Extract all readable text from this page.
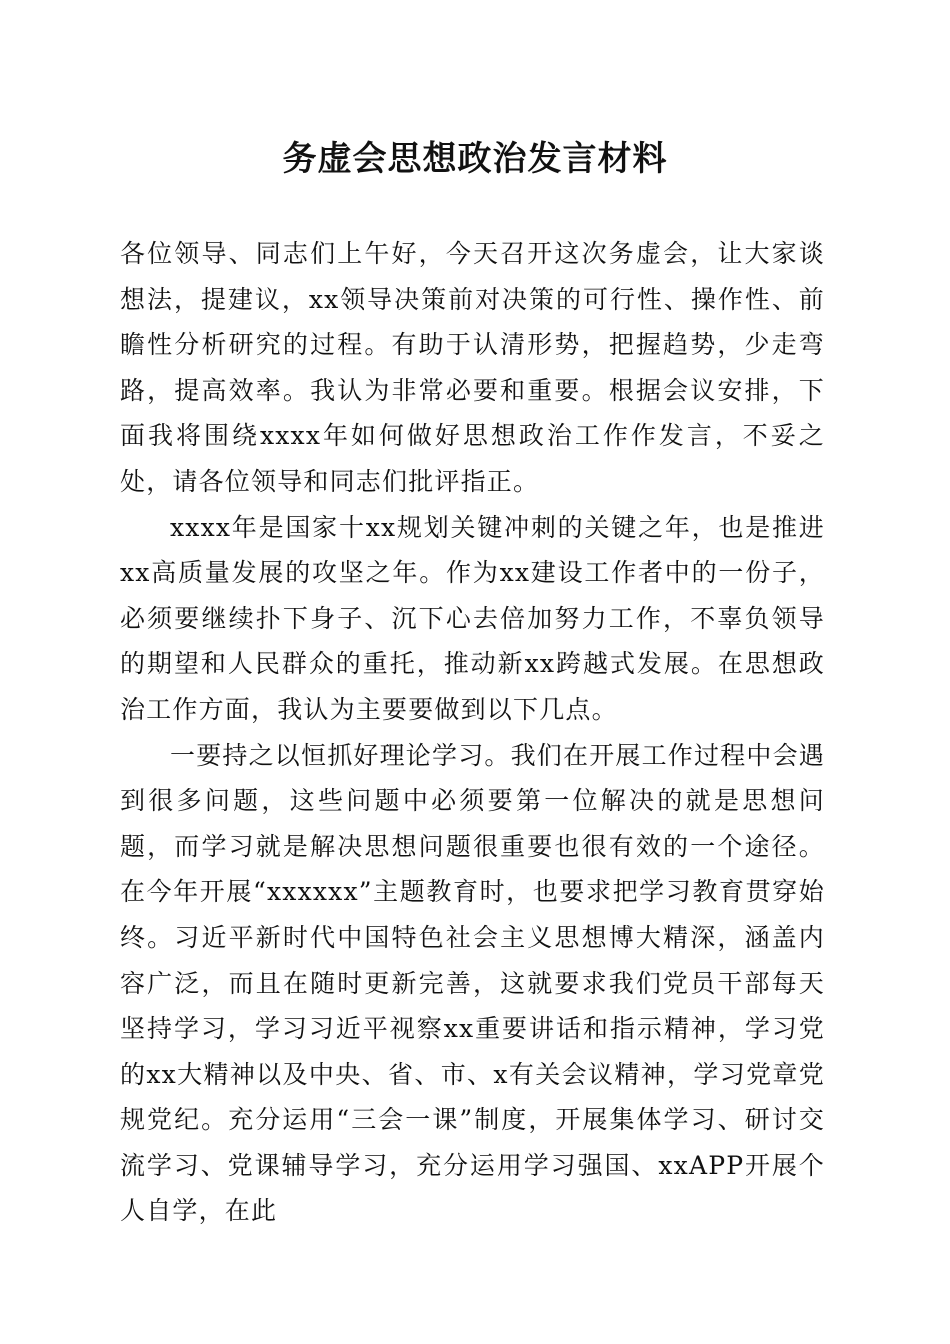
务虚会思想政治发言材料

各位领导、同志们上午好，今天召开这次务虚会，让大家谈想法，提建议，xx领导决策前对决策的可行性、操作性、前瞻性分析研究的过程。有助于认清形势，把握趋势，少走弯路，提高效率。我认为非常必要和重要。根据会议安排，下面我将围绕xxxx年如何做好思想政治工作作发言，不妥之处，请各位领导和同志们批评指正。

xxxx年是国家十xx规划关键冲刺的关键之年，也是推进xx高质量发展的攻坚之年。作为xx建设工作者中的一份子，必须要继续扑下身子、沉下心去倍加努力工作，不辜负领导的期望和人民群众的重托，推动新xx跨越式发展。在思想政治工作方面，我认为主要要做到以下几点。

一要持之以恒抓好理论学习。我们在开展工作过程中会遇到很多问题，这些问题中必须要第一位解决的就是思想问题，而学习就是解决思想问题很重要也很有效的一个途径。在今年开展“xxxxxx”主题教育时，也要求把学习教育贯穿始终。习近平新时代中国特色社会主义思想博大精深，涵盖内容广泛，而且在随时更新完善，这就要求我们党员干部每天坚持学习，学习习近平视察xx重要讲话和指示精神，学习党的xx大精神以及中央、省、市、x有关会议精神，学习党章党规党纪。充分运用“三会一课”制度，开展集体学习、研讨交流学习、党课辅导学习，充分运用学习强国、xxAPP开展个人自学，在此
